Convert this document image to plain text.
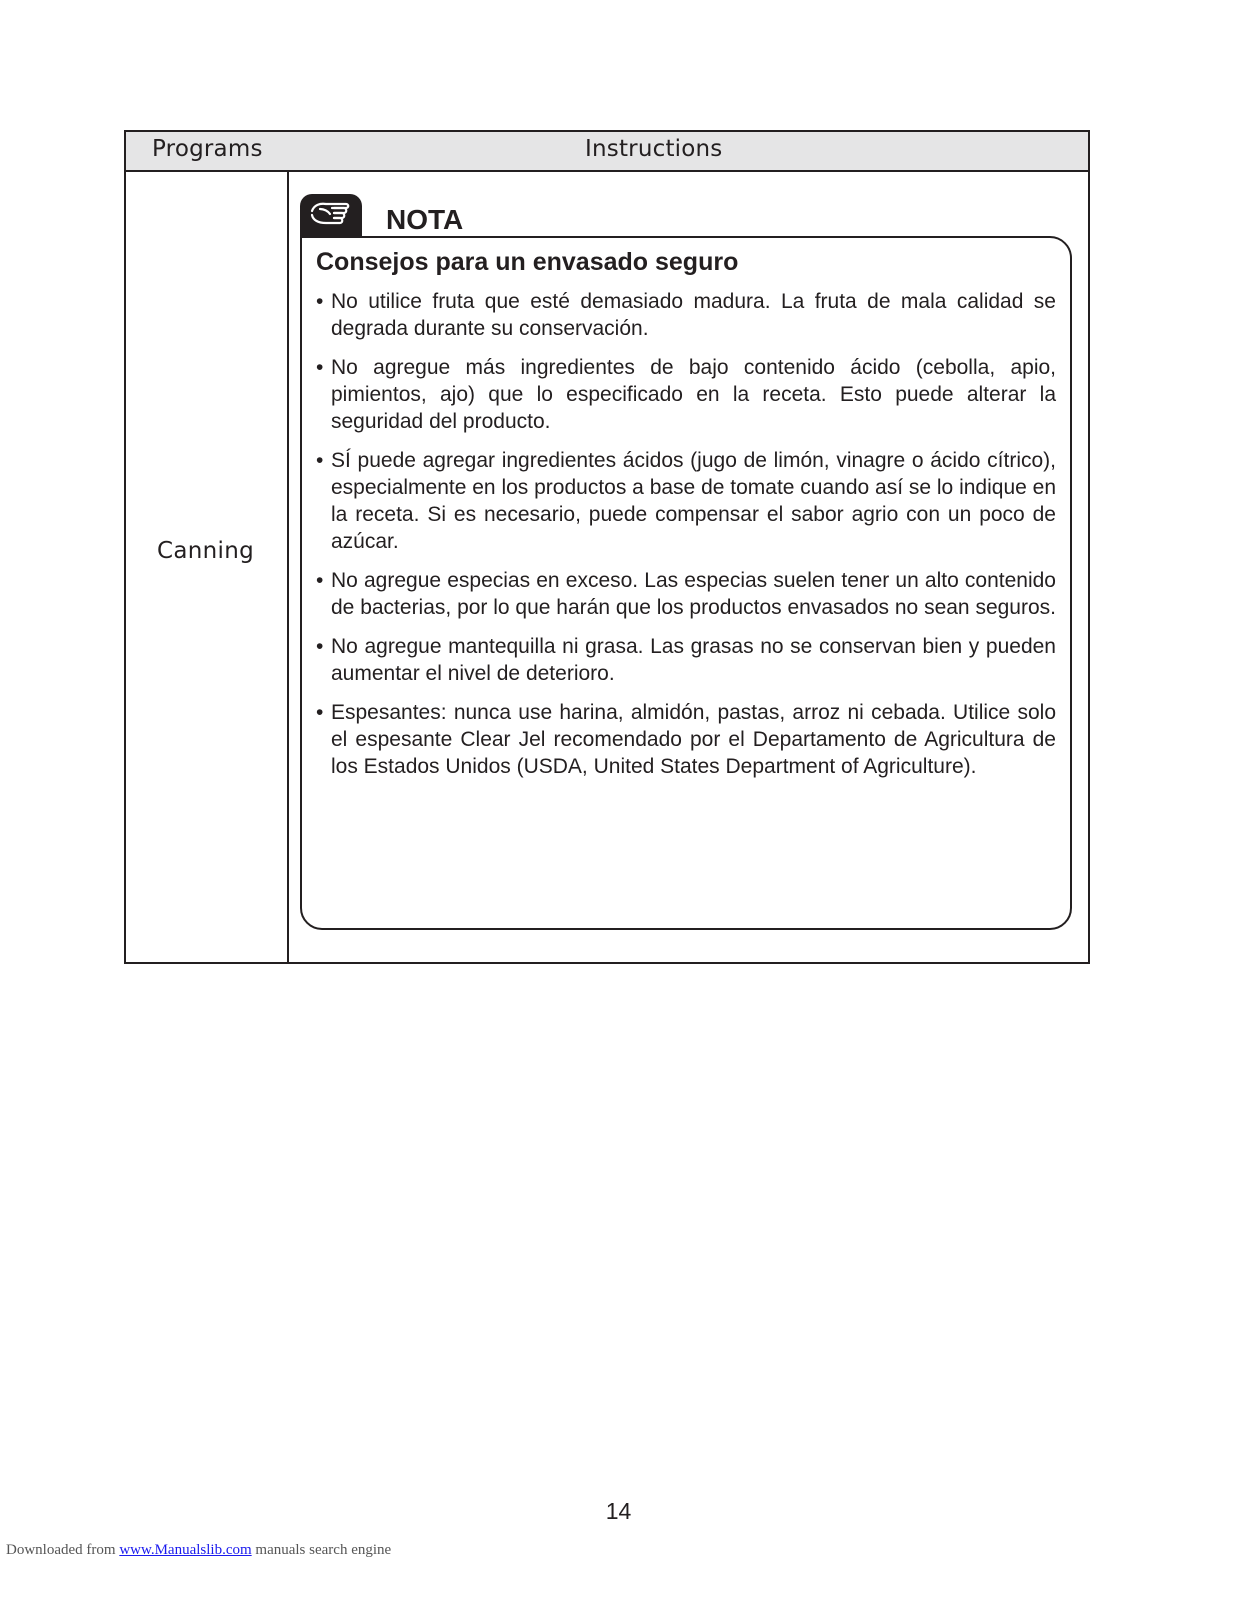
Programs	Instructions
Canning
NOTA
Consejos para un envasado seguro
• No utilice fruta que esté demasiado madura. La fruta de mala calidad se degrada durante su conservación.
• No agregue más ingredientes de bajo contenido ácido (cebolla, apio, pimientos, ajo) que lo especificado en la receta. Esto puede alterar la seguridad del producto.
• SÍ puede agregar ingredientes ácidos (jugo de limón, vinagre o ácido cítrico), especialmente en los productos a base de tomate cuando así se lo indique en la receta. Si es necesario, puede compensar el sabor agrio con un poco de azúcar.
• No agregue especias en exceso. Las especias suelen tener un alto contenido de bacterias, por lo que harán que los productos envasados no sean seguros.
• No agregue mantequilla ni grasa. Las grasas no se conservan bien y pueden aumentar el nivel de deterioro.
• Espesantes: nunca use harina, almidón, pastas, arroz ni cebada. Utilice solo el espesante Clear Jel recomendado por el Departamento de Agricultura de los Estados Unidos (USDA, United States Department of Agriculture).
14
Downloaded from www.Manualslib.com manuals search engine
